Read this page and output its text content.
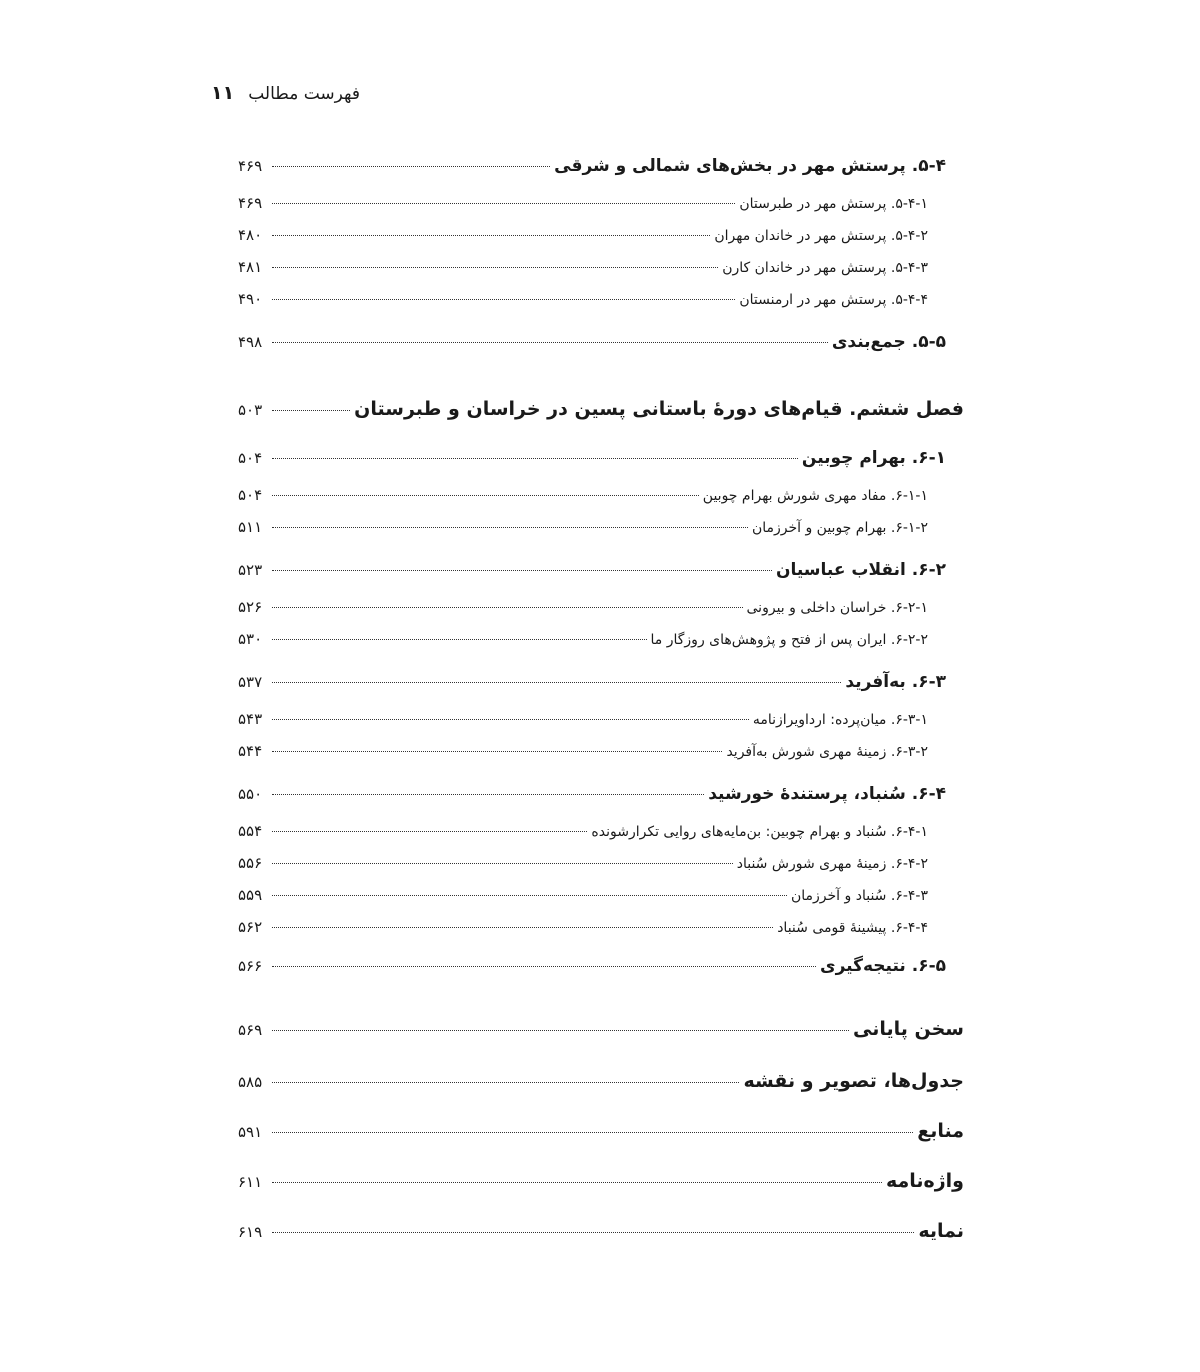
فهرست مطالب
۱۱
۵-۴. پرستش مهر در بخش‌های شمالی و شرقی
۴۶۹
۵-۴-۱. پرستش مهر در طبرستان
۴۶۹
۵-۴-۲. پرستش مهر در خاندان مهران
۴۸۰
۵-۴-۳. پرستش مهر در خاندان کارن
۴۸۱
۵-۴-۴. پرستش مهر در ارمنستان
۴۹۰
۵-۵. جمع‌بندی
۴۹۸
فصل ششم. قیام‌های دورهٔ باستانی پسین در خراسان و طبرستان
۵۰۳
۶-۱. بهرام چوبین
۵۰۴
۶-۱-۱. مفاد مهری شورش بهرام چوبین
۵۰۴
۶-۱-۲. بهرام چوبین و آخرزمان
۵۱۱
۶-۲. انقلاب عباسیان
۵۲۳
۶-۲-۱. خراسان داخلی و بیرونی
۵۲۶
۶-۲-۲. ایران پس از فتح و پژوهش‌های روزگار ما
۵۳۰
۶-۳. به‌آفرید
۵۳۷
۶-۳-۱. میان‌پرده: ارداویرازنامه
۵۴۳
۶-۳-۲. زمینهٔ مهری شورش به‌آفرید
۵۴۴
۶-۴. سُنباد، پرستندهٔ خورشید
۵۵۰
۶-۴-۱. سُنباد و بهرام چوبین: بن‌مایه‌های روایی تکرارشونده
۵۵۴
۶-۴-۲. زمینهٔ مهری شورش سُنباد
۵۵۶
۶-۴-۳. سُنباد و آخرزمان
۵۵۹
۶-۴-۴. پیشینهٔ قومی سُنباد
۵۶۲
۶-۵. نتیجه‌گیری
۵۶۶
سخن پایانی
۵۶۹
جدول‌ها، تصویر و نقشه
۵۸۵
منابع
۵۹۱
واژه‌نامه
۶۱۱
نمایه
۶۱۹
